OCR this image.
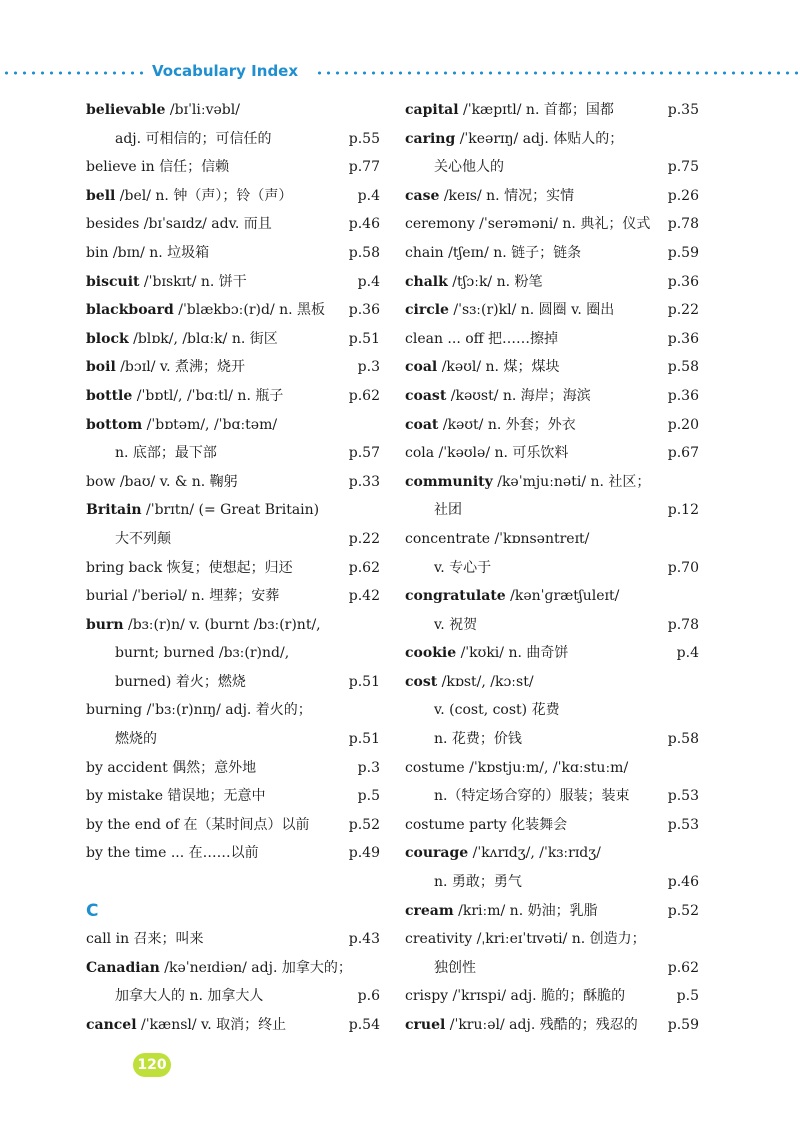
Vocabulary Index
believable /bɪˈliːvəbl/
adj. 可相信的；可信任的	p.55
believe in 信任；信赖	p.77
bell /bel/ n. 钟（声）；铃（声）	p.4
besides /bɪˈsaɪdz/ adv. 而且	p.46
bin /bɪn/ n. 垃圾箱	p.58
biscuit /ˈbɪskɪt/ n. 饼干	p.4
blackboard /ˈblækbɔː(r)d/ n. 黑板 p.36
block /blɒk/, /blɑːk/ n. 街区	p.51
boil /bɔɪl/ v. 煮沸；烧开	p.3
bottle /ˈbɒtl/, /ˈbɑːtl/ n. 瓶子	p.62
bottom /ˈbɒtəm/, /ˈbɑːtəm/
n. 底部；最下部	p.57
bow /baʊ/ v. & n. 鞠躬	p.33
Britain /ˈbrɪtn/ (= Great Britain)
大不列颠	p.22
bring back 恢复；使想起；归还	p.62
burial /ˈberiəl/ n. 埋葬；安葬	p.42
burn /bɜː(r)n/ v. (burnt /bɜː(r)nt/,
burnt; burned /bɜː(r)nd/,
burned) 着火；燃烧	p.51
burning /ˈbɜː(r)nɪŋ/ adj. 着火的；
燃烧的	p.51
by accident 偶然；意外地	p.3
by mistake 错误地；无意中	p.5
by the end of 在（某时间点）以前	p.52
by the time ... 在……以前	p.49
C
call in 召来；叫来	p.43
Canadian /kəˈneɪdiən/ adj. 加拿大的；
加拿大人的 n. 加拿大人	p.6
cancel /ˈkænsl/ v. 取消；终止	p.54
capital /ˈkæpɪtl/ n. 首都；国都	p.35
caring /ˈkeərɪŋ/ adj. 体贴人的；
关心他人的	p.75
case /keɪs/ n. 情况；实情	p.26
ceremony /ˈserəməni/ n. 典礼；仪式 p.78
chain /tʃeɪn/ n. 链子；链条	p.59
chalk /tʃɔːk/ n. 粉笔	p.36
circle /ˈsɜː(r)kl/ n. 圆圈 v. 圈出	p.22
clean ... off 把……擦掉	p.36
coal /kəʊl/ n. 煤；煤块	p.58
coast /kəʊst/ n. 海岸；海滨	p.36
coat /kəʊt/ n. 外套；外衣	p.20
cola /ˈkəʊlə/ n. 可乐饮料	p.67
community /kəˈmjuːnəti/ n. 社区；
社团	p.12
concentrate /ˈkɒnsəntreɪt/
v. 专心于	p.70
congratulate /kənˈɡrætʃuleɪt/
v. 祝贺	p.78
cookie /ˈkʊki/ n. 曲奇饼	p.4
cost /kɒst/, /kɔːst/
v. (cost, cost) 花费
n. 花费；价钱	p.58
costume /ˈkɒstjuːm/, /ˈkɑːstuːm/
n.（特定场合穿的）服装；装束	p.53
costume party 化装舞会	p.53
courage /ˈkʌrɪdʒ/, /ˈkɜːrɪdʒ/
n. 勇敢；勇气	p.46
cream /kriːm/ n. 奶油；乳脂	p.52
creativity /ˌkriːeɪˈtɪvəti/ n. 创造力；
独创性	p.62
crispy /ˈkrɪspi/ adj. 脆的；酥脆的	p.5
cruel /ˈkruːəl/ adj. 残酷的；残忍的 p.59
120
